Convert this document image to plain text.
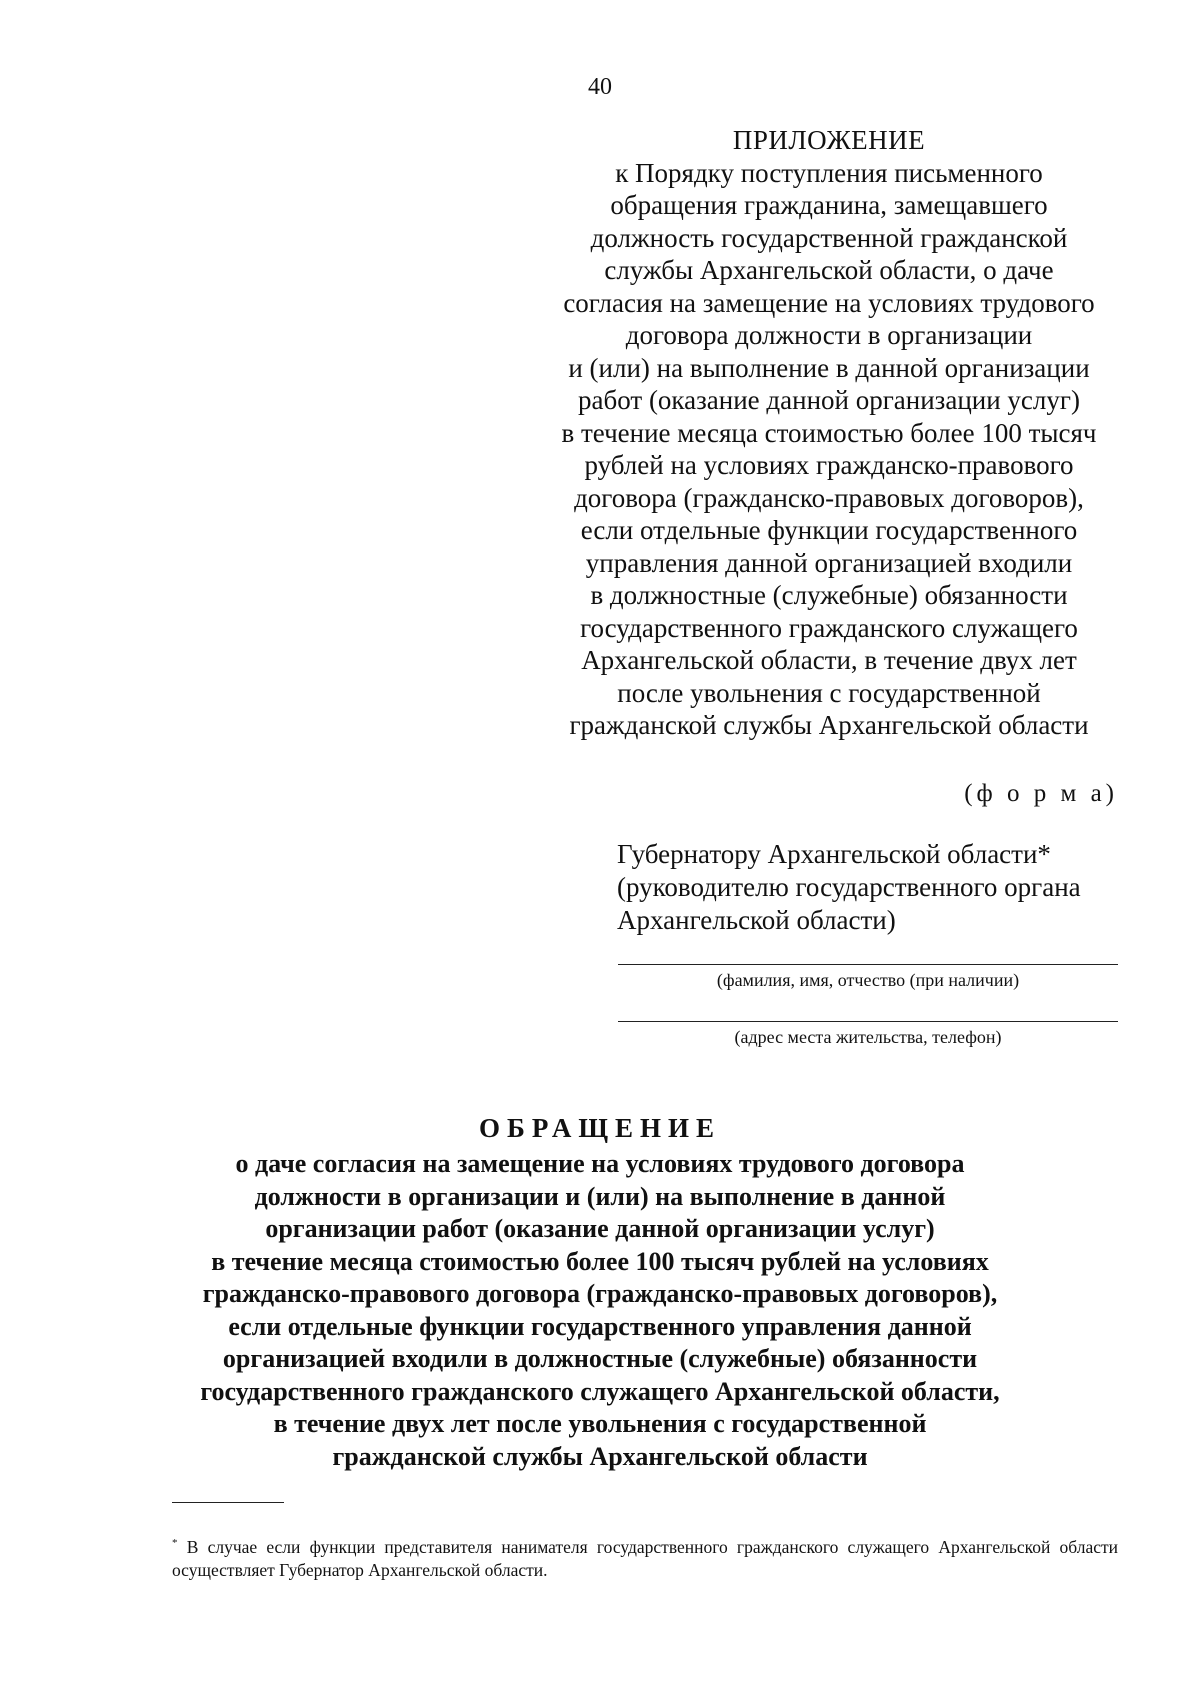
40
ПРИЛОЖЕНИЕ
к Порядку поступления письменного
обращения гражданина, замещавшего
должность государственной гражданской
службы Архангельской области, о даче
согласия на замещение на условиях трудового
договора должности в организации
и (или) на выполнение в данной организации
работ (оказание данной организации услуг)
в течение месяца стоимостью более 100 тысяч
рублей на условиях гражданско-правового
договора (гражданско-правовых договоров),
если отдельные функции государственного
управления данной организацией входили
в должностные (служебные) обязанности
государственного гражданского служащего
Архангельской области, в течение двух лет
после увольнения с государственной
гражданской службы Архангельской области
(ф о р м а)
Губернатору Архангельской области*
(руководителю государственного органа
Архангельской области)
(фамилия, имя, отчество (при наличии)
(адрес места жительства, телефон)
ОБРАЩЕНИЕ
о даче согласия на замещение на условиях трудового договора
должности в организации и (или) на выполнение в данной
организации работ (оказание данной организации услуг)
в течение месяца стоимостью более 100 тысяч рублей на условиях
гражданско-правового договора (гражданско-правовых договоров),
если отдельные функции государственного управления данной
организацией входили в должностные (служебные) обязанности
государственного гражданского служащего Архангельской области,
в течение двух лет после увольнения с государственной
гражданской службы Архангельской области
* В случае если функции представителя нанимателя государственного гражданского служащего Архангельской области осуществляет Губернатор Архангельской области.
